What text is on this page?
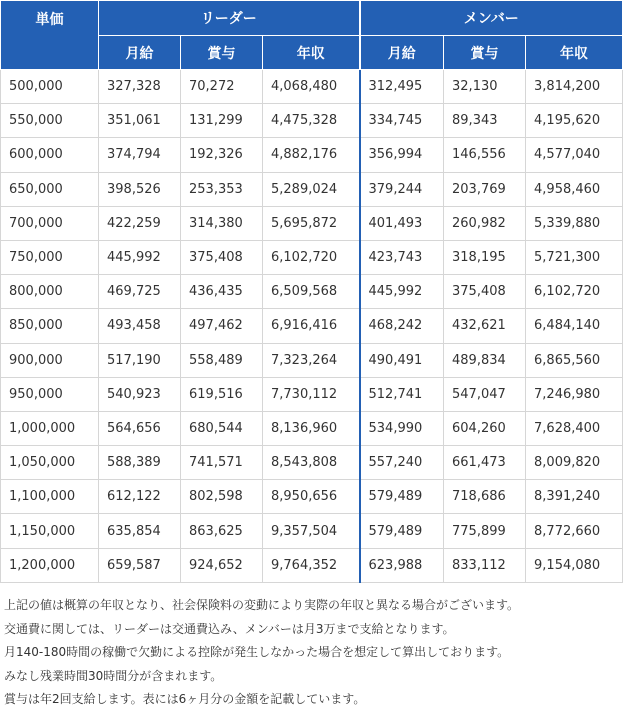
単価	リーダー			メンバー		
	月給	賞与	年収	月給	賞与	年収
500,000	327,328	70,272	4,068,480	312,495	32,130	3,814,200
550,000	351,061	131,299	4,475,328	334,745	89,343	4,195,620
600,000	374,794	192,326	4,882,176	356,994	146,556	4,577,040
650,000	398,526	253,353	5,289,024	379,244	203,769	4,958,460
700,000	422,259	314,380	5,695,872	401,493	260,982	5,339,880
750,000	445,992	375,408	6,102,720	423,743	318,195	5,721,300
800,000	469,725	436,435	6,509,568	445,992	375,408	6,102,720
850,000	493,458	497,462	6,916,416	468,242	432,621	6,484,140
900,000	517,190	558,489	7,323,264	490,491	489,834	6,865,560
950,000	540,923	619,516	7,730,112	512,741	547,047	7,246,980
1,000,000	564,656	680,544	8,136,960	534,990	604,260	7,628,400
1,050,000	588,389	741,571	8,543,808	557,240	661,473	8,009,820
1,100,000	612,122	802,598	8,950,656	579,489	718,686	8,391,240
1,150,000	635,854	863,625	9,357,504	579,489	775,899	8,772,660
1,200,000	659,587	924,652	9,764,352	623,988	833,112	9,154,080

上記の値は概算の年収となり、社会保険料の変動により実際の年収と異なる場合がございます。

交通費に関しては、リーダーは交通費込み、メンバーは月3万まで支給となります。

月140-180時間の稼働で欠勤による控除が発生しなかった場合を想定して算出しております。

みなし残業時間30時間分が含まれます。

賞与は年2回支給します。表には6ヶ月分の金額を記載しています。
